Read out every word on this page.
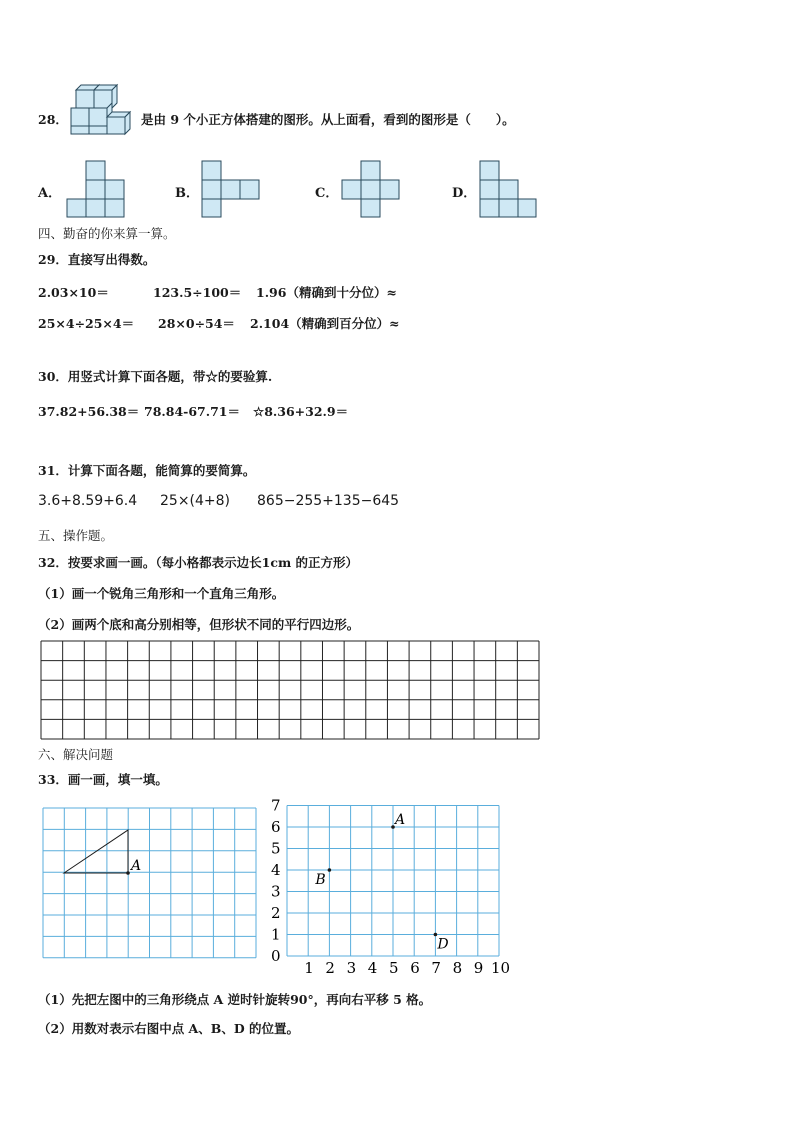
28．	是由 9 个小正方体搭建的图形。从上面看，看到的图形是（　　）。
A．	B．	C．	D．
四、勤奋的你来算一算。
29．直接写出得数。
2.03×10＝	123.5÷100＝ 1.96（精确到十分位）≈
25×4÷25×4＝ 28×0÷54＝ 2.104（精确到百分位）≈
30．用竖式计算下面各题，带☆的要验算.
37.82+56.38＝ 78.84-67.71＝ ☆8.36+32.9＝
31．计算下面各题，能简算的要简算。
3.6+8.59+6.4 25×(4+8) 865−255+135−645
五、操作题。
32．按要求画一画。（每小格都表示边长1cm 的正方形）
（1）画一个锐角三角形和一个直角三角形。
（2）画两个底和高分别相等，但形状不同的平行四边形。
六、解决问题
33．画一画，填一填。
A
0
1
2
3
4
5
6
7
1 2 3 4 5 6 7 8 9 10
A
B
D
（1）先把左图中的三角形绕点 A 逆时针旋转90°，再向右平移 5 格。
（2）用数对表示右图中点 A、B、D 的位置。
